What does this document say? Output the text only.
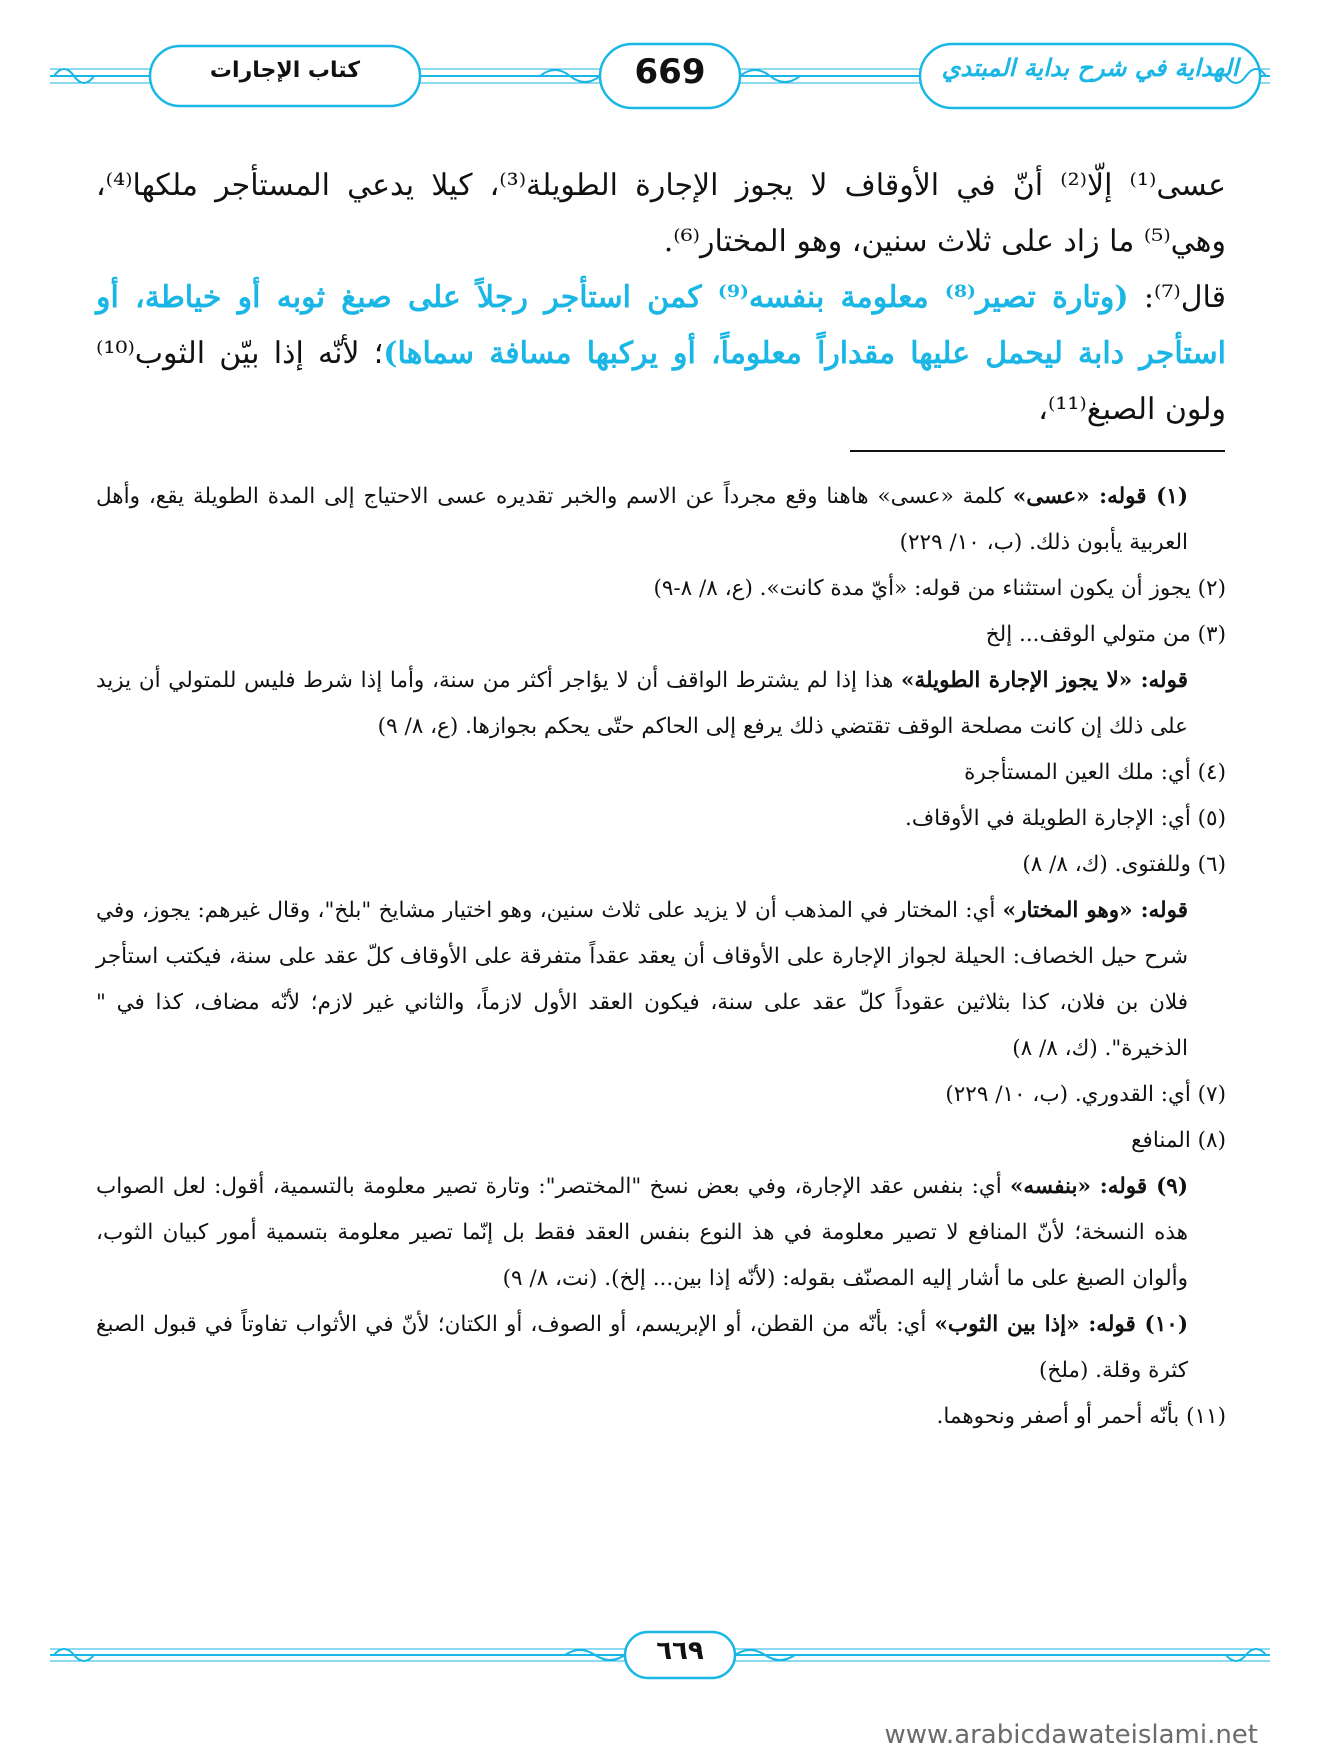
كتاب الإجارات	669	الهداية في شرح بداية المبتدي

عسى⁽¹⁾ إلّا⁽²⁾ أنّ في الأوقاف لا يجوز الإجارة الطويلة⁽³⁾، كيلا يدعي المستأجر ملكها⁽⁴⁾، وهي⁽⁵⁾ ما زاد على ثلاث سنين، وهو المختار⁽⁶⁾.

قال⁽⁷⁾: (وتارة تصير⁽⁸⁾ معلومة بنفسه⁽⁹⁾ كمن استأجر رجلاً على صبغ ثوبه أو خياطة، أو استأجر دابة ليحمل عليها مقداراً معلوماً، أو يركبها مسافة سماها)؛ لأنّه إذا بيّن الثوب⁽¹⁰⁾ ولون الصبغ⁽¹¹⁾،

(١) قوله: «عسى» كلمة «عسى» هاهنا وقع مجرداً عن الاسم والخبر تقديره عسى الاحتياج إلى المدة الطويلة يقع، وأهل العربية يأبون ذلك. (ب، ١٠/ ٢٢٩)

(٢) يجوز أن يكون استثناء من قوله: «أيّ مدة كانت». (ع، ٨/ ٨-٩)

(٣) من متولي الوقف... إلخ

قوله: «لا يجوز الإجارة الطويلة» هذا إذا لم يشترط الواقف أن لا يؤاجر أكثر من سنة، وأما إذا شرط فليس للمتولي أن يزيد على ذلك إن كانت مصلحة الوقف تقتضي ذلك يرفع إلى الحاكم حتّى يحكم بجوازها. (ع، ٨/ ٩)

(٤) أي: ملك العين المستأجرة

(٥) أي: الإجارة الطويلة في الأوقاف.

(٦) وللفتوى. (ك، ٨/ ٨)

قوله: «وهو المختار» أي: المختار في المذهب أن لا يزيد على ثلاث سنين، وهو اختيار مشايخ "بلخ"، وقال غيرهم: يجوز، وفي شرح حيل الخصاف: الحيلة لجواز الإجارة على الأوقاف أن يعقد عقداً متفرقة على الأوقاف كلّ عقد على سنة، فيكتب استأجر فلان بن فلان، كذا بثلاثين عقوداً كلّ عقد على سنة، فيكون العقد الأول لازماً، والثاني غير لازم؛ لأنّه مضاف، كذا في " الذخيرة". (ك، ٨/ ٨)

(٧) أي: القدوري. (ب، ١٠/ ٢٢٩)

(٨) المنافع

(٩) قوله: «بنفسه» أي: بنفس عقد الإجارة، وفي بعض نسخ "المختصر": وتارة تصير معلومة بالتسمية، أقول: لعل الصواب هذه النسخة؛ لأنّ المنافع لا تصير معلومة في هذ النوع بنفس العقد فقط بل إنّما تصير معلومة بتسمية أمور كبيان الثوب، وألوان الصبغ على ما أشار إليه المصنّف بقوله: (لأنّه إذا بين... إلخ). (نت، ٨/ ٩)

(١٠) قوله: «إذا بين الثوب» أي: بأنّه من القطن، أو الإبريسم، أو الصوف، أو الكتان؛ لأنّ في الأثواب تفاوتاً في قبول الصبغ كثرة وقلة. (ملخ)

(١١) بأنّه أحمر أو أصفر ونحوهما.

٦٦٩
www.arabicdawateislami.net
